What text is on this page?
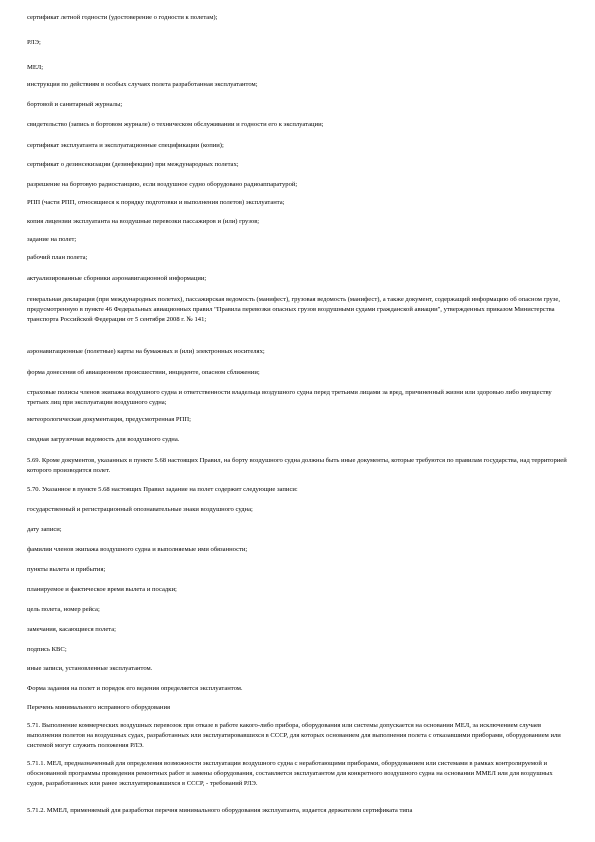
сертификат летной годности (удостоверение о годности к полетам);

РЛЭ;

МЕЛ;

инструкция по действиям в особых случаях полета разработанная эксплуатантом;

бортовой и санитарный журналы;

свидетельство (запись в бортовом журнале) о техническом обслуживании и годности его к эксплуатации;

сертификат эксплуатанта и эксплуатационные спецификации (копии);

сертификат о дезинсекизации (дезинфекции) при международных полетах;

разрешение на бортовую радиостанцию, если воздушное судно оборудовано радиоаппаратурой;

РПП (части РПП, относящиеся к порядку подготовки и выполнения полетов) эксплуатанта;

копия лицензии эксплуатанта на воздушные перевозки пассажиров и (или) грузов;

задание на полет;

рабочий план полета;

актуализированные сборники аэронавигационной информации;

генеральная декларация (при международных полетах), пассажирская ведомость (манифест), грузовая ведомость (манифест), а также документ, содержащий информацию об опасном грузе, предусмотренную в пункте 46 Федеральных авиационных правил "Правила перевозки опасных грузов воздушными судами гражданской авиации", утвержденных приказом Министерства транспорта Российской Федерации от 5 сентября 2008 г. № 141;

аэронавигационные (полетные) карты на бумажных и (или) электронных носителях;

форма донесения об авиационном происшествии, инциденте, опасном сближении;

страховые полисы членов экипажа воздушного судна и ответственности владельца воздушного судна перед третьими лицами за вред, причиненный жизни или здоровью либо имуществу третьих лиц при эксплуатации воздушного судна;

метеорологическая документация, предусмотренная РПП;

сводная загрузочная ведомость для воздушного судна.

5.69. Кроме документов, указанных в пункте 5.68 настоящих Правил, на борту воздушного судна должны быть иные документы, которые требуются по правилам государства, над территорией которого производится полет.

5.70. Указанное в пункте 5.68 настоящих Правил задание на полет содержит следующие записи:

государственный и регистрационный опознавательные знаки воздушного судна;

дату записи;

фамилии членов экипажа воздушного судна и выполняемые ими обязанности;

пункты вылета и прибытия;

планируемое и фактическое время вылета и посадки;

цель полета, номер рейса;

замечания, касающиеся полета;

подпись КВС;

иные записи, установленные эксплуатантом.

Форма задания на полет и порядок его ведения определяется эксплуатантом.

Перечень минимального исправного оборудования

5.71. Выполнение коммерческих воздушных перевозок при отказе в работе какого-либо прибора, оборудования или системы допускается на основании МЕЛ, за исключением случаев выполнения полетов на воздушных судах, разработанных или эксплуатировавшихся в СССР, для которых основанием для выполнения полета с отказавшими приборами, оборудованием или системой могут служить положения РЛЭ.

5.71.1. МЕЛ, предназначенный для определения возможности эксплуатации воздушного судна с неработающими приборами, оборудованием или системами в рамках контролируемой и обоснованной программы проведения ремонтных работ и замены оборудования, составляется эксплуатантом для конкретного воздушного судна на основании ММЕЛ или для воздушных судов, разработанных или ранее эксплуатировавшихся в СССР, - требований РЛЭ.

5.71.2. ММЕЛ, применяемый для разработки перечня минимального оборудования эксплуатанта, издается держателем сертификата типа
